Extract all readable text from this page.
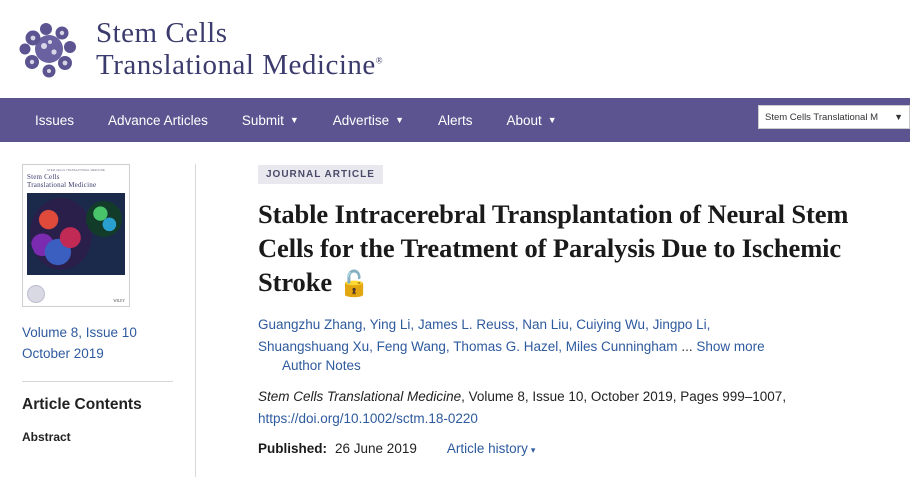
Stem Cells
Translational Medicine®
Issues	Advance Articles	Submit ▼	Advertise ▼	Alerts	About ▼	Stem Cells Translational M ▼
STEM CELLS TRANSLATIONAL MEDICINE
Stem Cells
Translational Medicine
WILEY
Volume 8, Issue 10
October 2019
Article Contents
Abstract
JOURNAL ARTICLE
Stable Intracerebral Transplantation of Neural Stem Cells for the Treatment of Paralysis Due to Ischemic Stroke 🔓
Guangzhu Zhang, Ying Li, James L. Reuss, Nan Liu, Cuiying Wu, Jingpo Li,
Shuangshuang Xu, Feng Wang, Thomas G. Hazel, Miles Cunningham ... Show more
Author Notes
Stem Cells Translational Medicine, Volume 8, Issue 10, October 2019, Pages 999–1007,
https://doi.org/10.1002/sctm.18-0220
Published: 26 June 2019 Article history ▾
